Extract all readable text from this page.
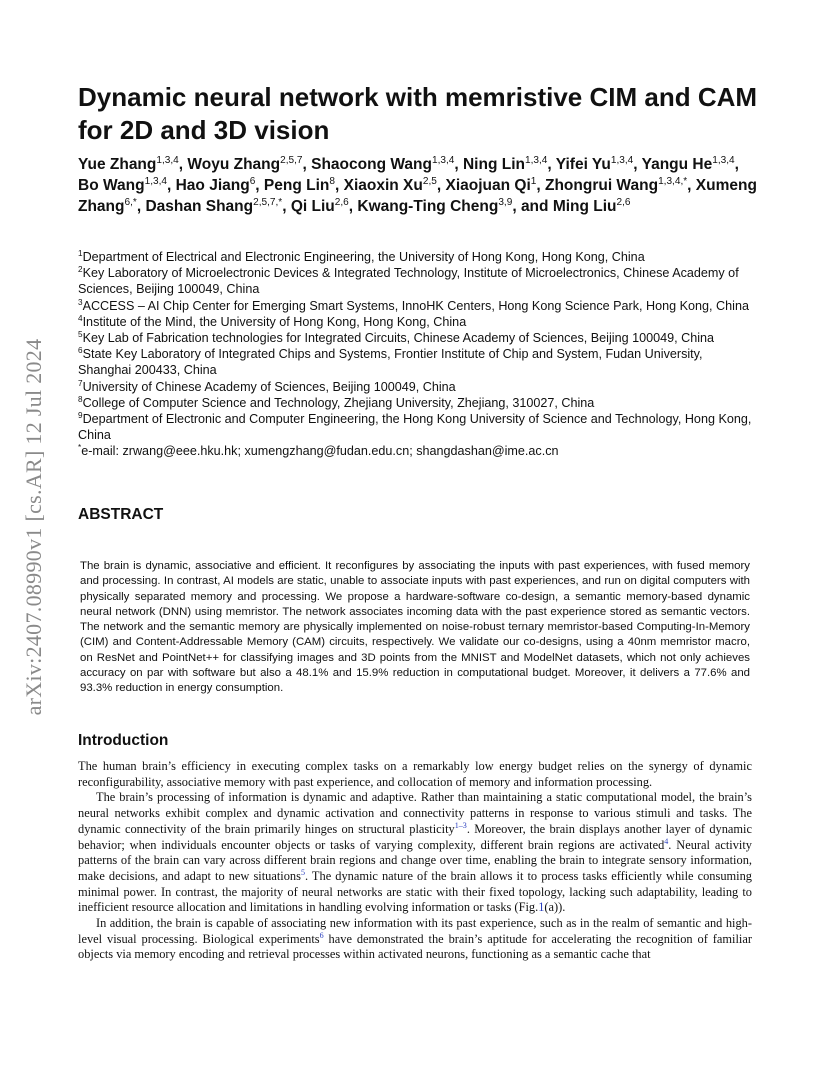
arXiv:2407.08990v1 [cs.AR] 12 Jul 2024
Dynamic neural network with memristive CIM and CAM for 2D and 3D vision
Yue Zhang$^{1,3,4}$, Woyu Zhang$^{2,5,7}$, Shaocong Wang$^{1,3,4}$, Ning Lin$^{1,3,4}$, Yifei Yu$^{1,3,4}$, Yangu He$^{1,3,4}$, Bo Wang$^{1,3,4}$, Hao Jiang$^6$, Peng Lin$^8$, Xiaoxin Xu$^{2,5}$, Xiaojuan Qi$^1$, Zhongrui Wang$^{1,3,4,*}$, Xumeng Zhang$^{6,*}$, Dashan Shang$^{2,5,7,*}$, Qi Liu$^{2,6}$, Kwang-Ting Cheng$^{3,9}$, and Ming Liu$^{2,6}$
$^1$Department of Electrical and Electronic Engineering, the University of Hong Kong, Hong Kong, China
$^2$Key Laboratory of Microelectronic Devices & Integrated Technology, Institute of Microelectronics, Chinese Academy of Sciences, Beijing 100049, China
$^3$ACCESS – AI Chip Center for Emerging Smart Systems, InnoHK Centers, Hong Kong Science Park, Hong Kong, China
$^4$Institute of the Mind, the University of Hong Kong, Hong Kong, China
$^5$Key Lab of Fabrication technologies for Integrated Circuits, Chinese Academy of Sciences, Beijing 100049, China
$^6$State Key Laboratory of Integrated Chips and Systems, Frontier Institute of Chip and System, Fudan University, Shanghai 200433, China
$^7$University of Chinese Academy of Sciences, Beijing 100049, China
$^8$College of Computer Science and Technology, Zhejiang University, Zhejiang, 310027, China
$^9$Department of Electronic and Computer Engineering, the Hong Kong University of Science and Technology, Hong Kong, China
*e-mail: zrwang@eee.hku.hk; xumengzhang@fudan.edu.cn; shangdashan@ime.ac.cn
ABSTRACT

The brain is dynamic, associative and efficient. It reconfigures by associating the inputs with past experiences, with fused memory and processing. In contrast, AI models are static, unable to associate inputs with past experiences, and run on digital computers with physically separated memory and processing. We propose a hardware-software co-design, a semantic memory-based dynamic neural network (DNN) using memristor. The network associates incoming data with the past experience stored as semantic vectors. The network and the semantic memory are physically implemented on noise-robust ternary memristor-based Computing-In-Memory (CIM) and Content-Addressable Memory (CAM) circuits, respectively. We validate our co-designs, using a 40nm memristor macro, on ResNet and PointNet++ for classifying images and 3D points from the MNIST and ModelNet datasets, which not only achieves accuracy on par with software but also a 48.1% and 15.9% reduction in computational budget. Moreover, it delivers a 77.6% and 93.3% reduction in energy consumption.

Introduction

The human brain’s efficiency in executing complex tasks on a remarkably low energy budget relies on the synergy of dynamic reconfigurability, associative memory with past experience, and collocation of memory and information processing.

The brain’s processing of information is dynamic and adaptive. Rather than maintaining a static computational model, the brain’s neural networks exhibit complex and dynamic activation and connectivity patterns in response to various stimuli and tasks. The dynamic connectivity of the brain primarily hinges on structural plasticity$^{1-3}$. Moreover, the brain displays another layer of dynamic behavior; when individuals encounter objects or tasks of varying complexity, different brain regions are activated$^4$. Neural activity patterns of the brain can vary across different brain regions and change over time, enabling the brain to integrate sensory information, make decisions, and adapt to new situations$^5$. The dynamic nature of the brain allows it to process tasks efficiently while consuming minimal power. In contrast, the majority of neural networks are static with their fixed topology, lacking such adaptability, leading to inefficient resource allocation and limitations in handling evolving information or tasks (Fig.1(a)).

In addition, the brain is capable of associating new information with its past experience, such as in the realm of semantic and high-level visual processing. Biological experiments$^6$ have demonstrated the brain’s aptitude for accelerating the recognition of familiar objects via memory encoding and retrieval processes within activated neurons, functioning as a semantic cache that
